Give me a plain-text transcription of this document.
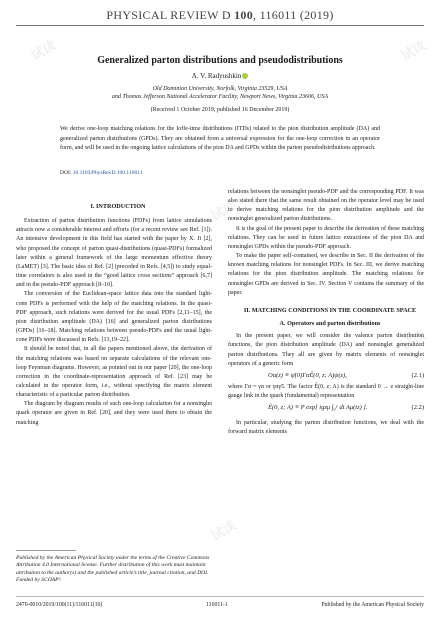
试读	试读
试读
试读	试读
试读
PHYSICAL REVIEW D 100, 116011 (2019)
Generalized parton distributions and pseudodistributions
A. V. Radyushkin
Old Dominion University, Norfolk, Virginia 23529, USA
and Thomas Jefferson National Accelerator Facility, Newport News, Virginia 23606, USA
(Received 1 October 2019; published 16 December 2019)
We derive one-loop matching relations for the Ioffe-time distributions (ITDs) related to the pion distribution amplitude (DA) and generalized parton distributions (GPDs). They are obtained from a universal expression for the one-loop correction in an operator form, and will be used in the ongoing lattice calculations of the pion DA and GPDs within the parton pseudodistributions approach.
DOI: 10.1103/PhysRevD.100.116011

I. INTRODUCTION

Extraction of parton distribution functions (PDFs) from lattice simulations attracts now a considerable interest and efforts (for a recent review see Ref. [1]). An intensive development in this field has started with the paper by X. Ji [2], who proposed the concept of parton quasi-distributions (quasi-PDFs) formalized later within a general framework of the large momentum effective theory (LaMET) [3]. The basic idea of Ref. [2] (preceded in Refs. [4,5]) to study equal-time correlators is also used in the “good lattice cross sections” approach [6,7] and in the pseudo-PDF approach [8–10].

The conversion of the Euclidean-space lattice data into the standard light-cone PDFs is performed with the help of the matching relations. In the quasi-PDF approach, such relations were derived for the usual PDFs [2,11–15], the pion distribution amplitude (DA) [16] and generalized parton distributions (GPDs) [16–18]. Matching relations between pseudo-PDFs and the usual light-cone PDFs were discussed in Refs. [13,19–22].

It should be noted that, in all the papers mentioned above, the derivation of the matching relations was based on separate calculations of the relevant one-loop Feynman diagrams. However, as pointed out in our paper [20], the one-loop correction in the coordinate-representation approach of Ref. [23] may be calculated in the operator form, i.e., without specifying the matrix element characteristic of a particular parton distribution.

The diagram by diagram results of such one-loop calculation for a nonsinglet quark operator are given in Ref. [20], and they were used there to obtain the matching

relations between the nonsinglet pseudo-PDF and the corresponding PDF. It was also stated there that the same result obtained on the operator level may be used to derive matching relations for the pion distribution amplitude and the nonsinglet generalized parton distributions.

It is the goal of the present paper to describe the derivation of these matching relations. They can be used in future lattice extractions of the pion DA and nonsinglet GPDs within the pseudo-PDF approach.

To make the paper self-contained, we describe in Sec. II the derivation of the known matching relations for nonsinglet PDFs. In Sec. III, we derive matching relations for the pion distribution amplitude. The matching relations for nonsinglet GPDs are derived in Sec. IV. Section V contains the summary of the paper.

II. MATCHING CONDITIONS IN THE COORDINATE SPACE

A. Operators and parton distributions

In the present paper, we will consider the valence parton distribution functions, the pion distribution amplitude (DA) and nonsinglet generalized parton distributions. They all are given by matrix elements of nonsinglet operators of a generic form

Oα(z) ≡ ψ̄(0)ΓαÊ(0, z; A)ψ(z),	(2.1)

where Γα = γα or γαγ5. The factor Ê(0, z; A) is the standard 0 → z straight-line gauge link in the quark (fundamental) representation

Ê(0, z; A) ≡ P exp[ igzμ ∫₀¹ dt Aμ(tz) ].	(2.2)

In particular, studying the parton distribution functions, we deal with the forward matrix elements

Published by the American Physical Society under the terms of the Creative Commons Attribution 4.0 International license. Further distribution of this work must maintain attribution to the author(s) and the published article’s title, journal citation, and DOI. Funded by SCOAP³.
2470-0010/2019/100(11)/116011(10)	116011-1	Published by the American Physical Society
